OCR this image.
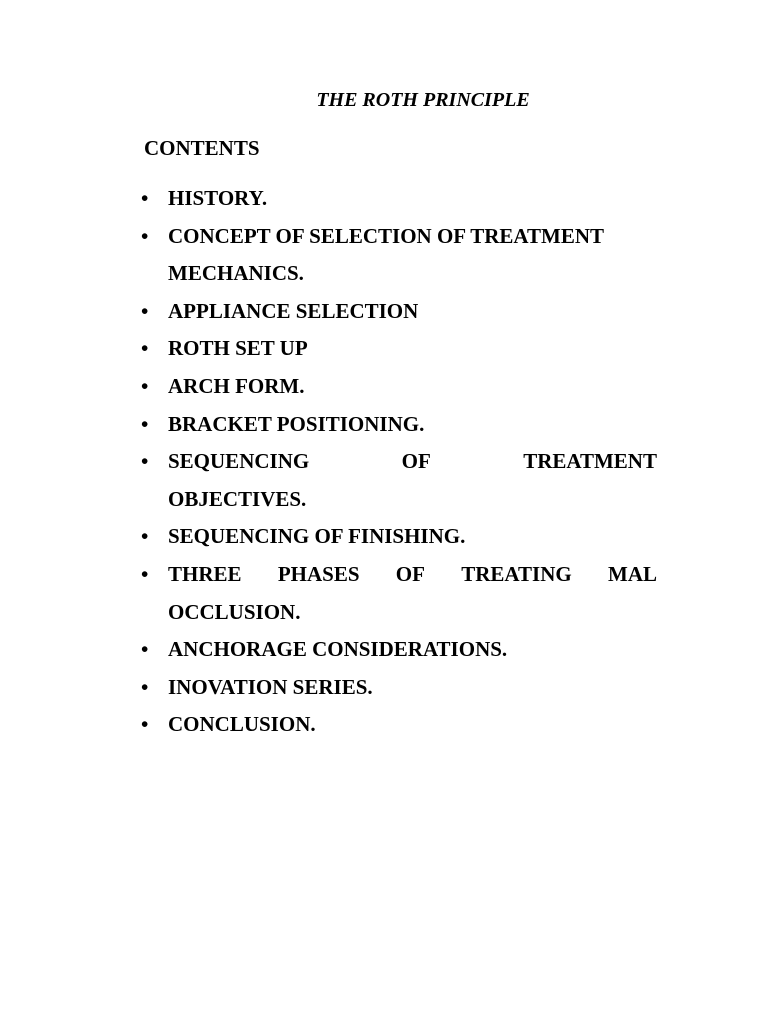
THE ROTH PRINCIPLE
CONTENTS
• HISTORY.
• CONCEPT OF SELECTION OF TREATMENT
MECHANICS.
• APPLIANCE SELECTION
• ROTH SET UP
• ARCH FORM.
• BRACKET POSITIONING.
• SEQUENCING	OF	TREATMENT
OBJECTIVES.
• SEQUENCING OF FINISHING.
• THREE PHASES OF TREATING MAL
OCCLUSION.
• ANCHORAGE CONSIDERATIONS.
• INOVATION SERIES.
• CONCLUSION.
